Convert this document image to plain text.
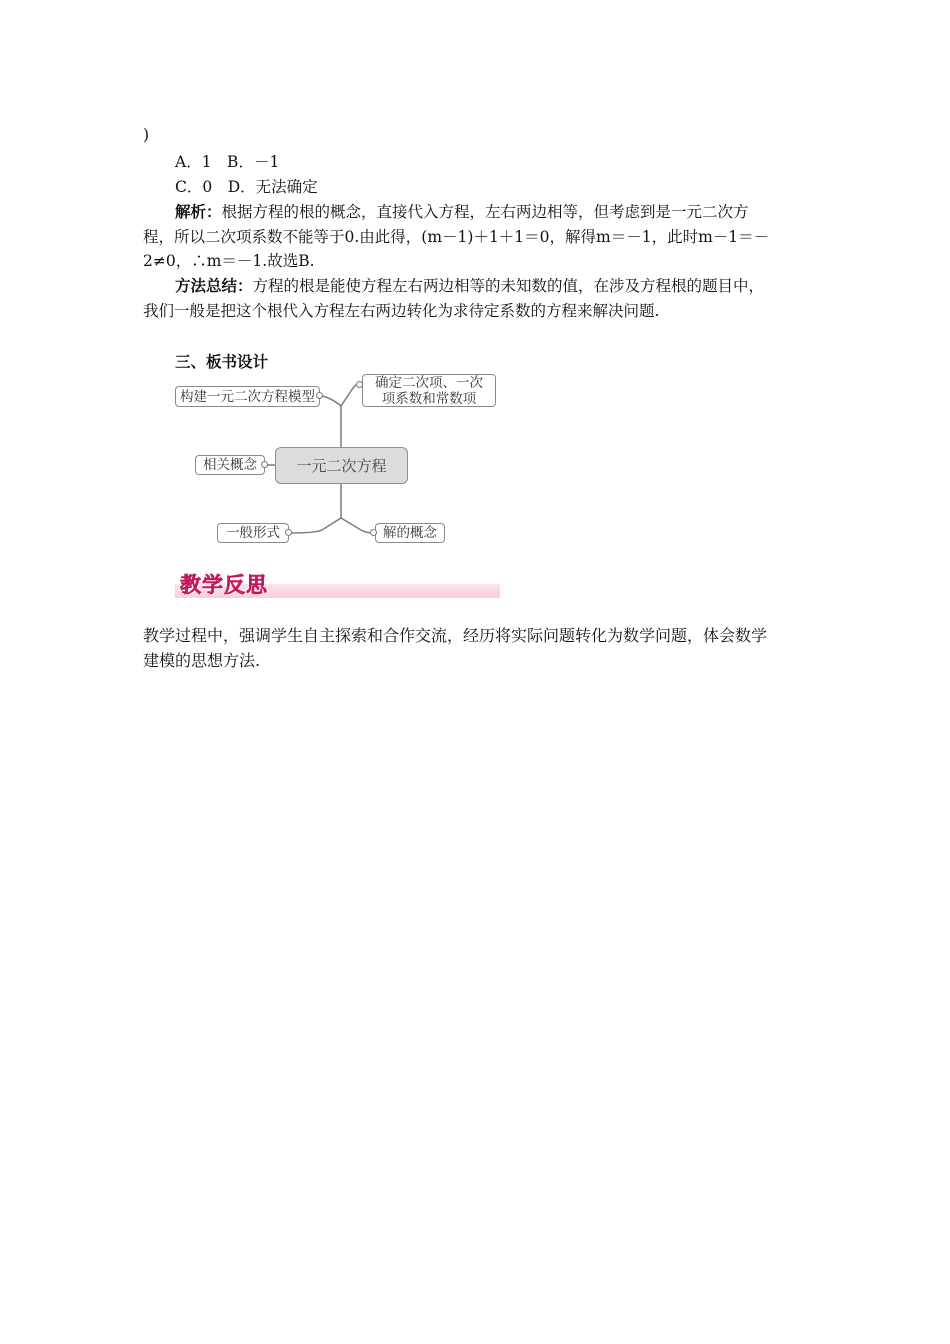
)
A．1　B．－1
C．0　D．无法确定
解析：根据方程的根的概念，直接代入方程，左右两边相等，但考虑到是一元二次方
程，所以二次项系数不能等于0.由此得，(m－1)＋1＋1＝0，解得m＝－1，此时m－1＝－
2≠0，∴m＝－1.故选B.
方法总结：方程的根是能使方程左右两边相等的未知数的值，在涉及方程根的题目中，
我们一般是把这个根代入方程左右两边转化为求待定系数的方程来解决问题.
三、板书设计
构建一元二次方程模型
确定二次项、一次
项系数和常数项
一元二次方程
相关概念
一般形式	解的概念
教学反思
教学过程中，强调学生自主探索和合作交流，经历将实际问题转化为数学问题，体会数学
建模的思想方法.
